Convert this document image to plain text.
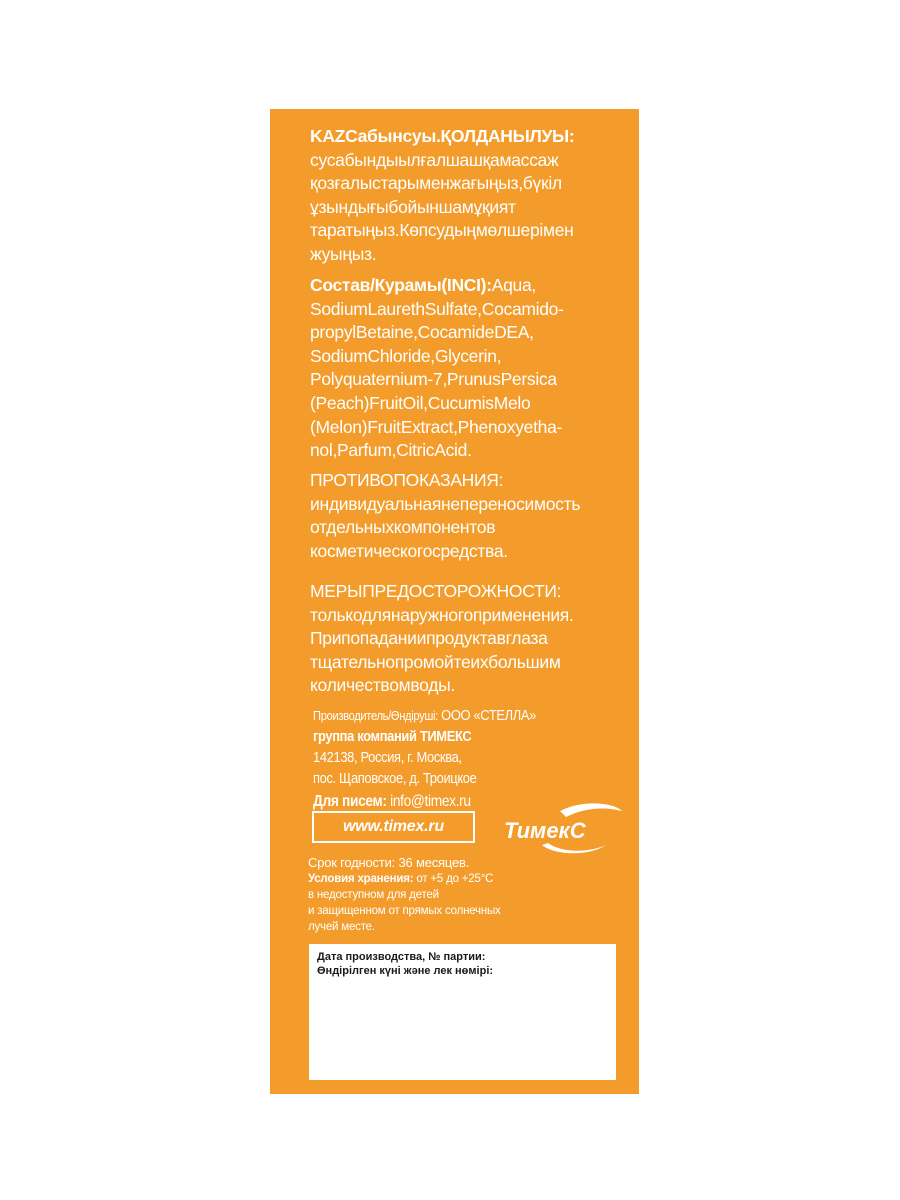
KAZСабынсуы.ҚОЛДАНЫЛУЫ:
сусабындыылғалшашқамассаж
қозғалыстарыменжағыңыз,бүкіл
ұзындығыбойыншамұқият
таратыңыз.Көпсудыңмөлшерімен
жуыңыз.
Состав/Курамы(INCI):Aqua,
SodiumLaurethSulfate,Cocamido-
propylBetaine,CocamideDEA,
SodiumChloride,Glycerin,
Polyquaternium-7,PrunusPersica
(Peach)FruitOil,CucumisMelo
(Melon)FruitExtract,Phenoxyetha-
nol,Parfum,CitricAcid.
ПРОТИВОПОКАЗАНИЯ:
индивидуальнаянепереносимость
отдельныхкомпонентов
косметическогосредства.
МЕРЫПРЕДОСТОРОЖНОСТИ:
толькодлянаружногоприменения.
Припопаданиипродуктавглаза
тщательнопромойтеихбольшим
количествомводы.
Производитель/Өндіруші: ООО «СТЕЛЛА»
группа компаний ТИМЕКС
142138, Россия, г. Москва,
пос. Щаповское, д. Троицкое
Для писем: info@timex.ru
www.timex.ru	ТимекС
Срок годности: 36 месяцев.
Условия хранения: от +5 до +25°С
в недоступном для детей
и защищенном от прямых солнечных
лучей месте.
Дата производства, № партии:
Өндірілген күні және лек нөмірі:
